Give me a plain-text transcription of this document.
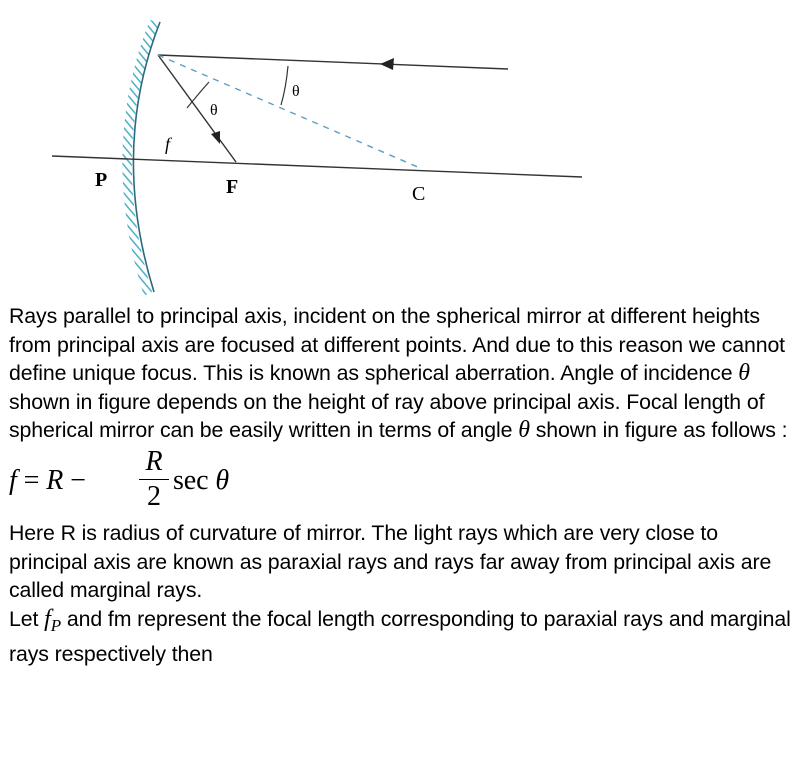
θ
θ
f
P	F	C

Rays parallel to principal axis, incident on the spherical mirror at different heights from principal axis are focused at different points. And due to this reason we cannot define unique focus. This is known as spherical aberration. Angle of incidence θ shown in figure depends on the height of ray above principal axis. Focal length of spherical mirror can be easily written in terms of angle θ shown in figure as follows :

f = R −
R
2
sec θ

Here R is radius of curvature of mirror. The light rays which are very close to principal axis are known as paraxial rays and rays far away from principal axis are called marginal rays.

Let $f_P$ and fm represent the focal length corresponding to paraxial rays and marginal rays respectively then
